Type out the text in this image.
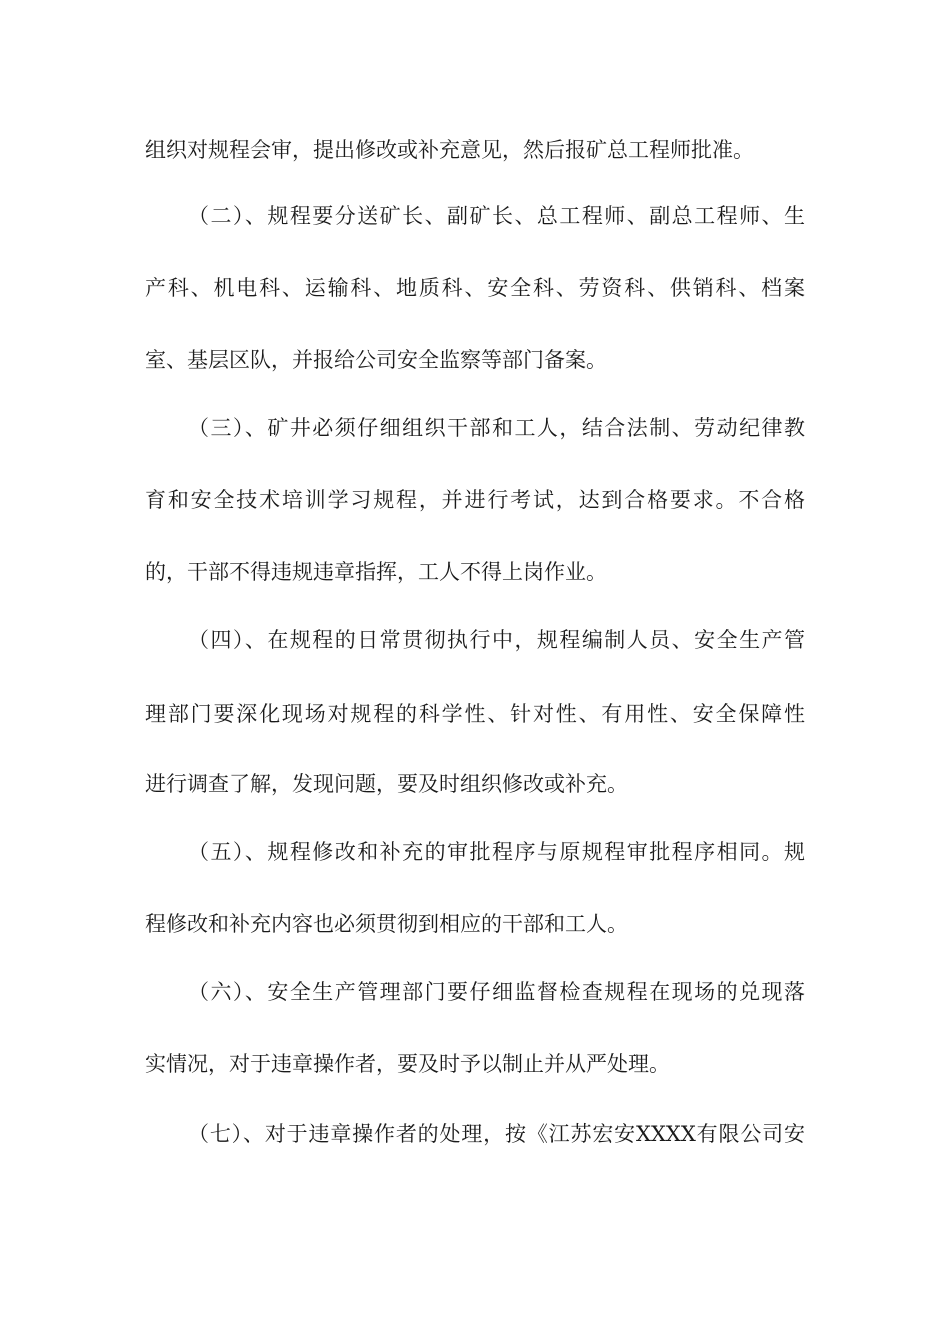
组织对规程会审，提出修改或补充意见，然后报矿总工程师批准。
（二）、规程要分送矿长、副矿长、总工程师、副总工程师、生
产科、机电科、运输科、地质科、安全科、劳资科、供销科、档案
室、基层区队，并报给公司安全监察等部门备案。
（三）、矿井必须仔细组织干部和工人，结合法制、劳动纪律教
育和安全技术培训学习规程，并进行考试，达到合格要求。不合格
的，干部不得违规违章指挥，工人不得上岗作业。
（四）、在规程的日常贯彻执行中，规程编制人员、安全生产管
理部门要深化现场对规程的科学性、针对性、有用性、安全保障性
进行调查了解，发现问题，要及时组织修改或补充。
（五）、规程修改和补充的审批程序与原规程审批程序相同。规
程修改和补充内容也必须贯彻到相应的干部和工人。
（六）、安全生产管理部门要仔细监督检查规程在现场的兑现落
实情况，对于违章操作者，要及时予以制止并从严处理。
（七）、对于违章操作者的处理，按《江苏宏安XXXX有限公司安
